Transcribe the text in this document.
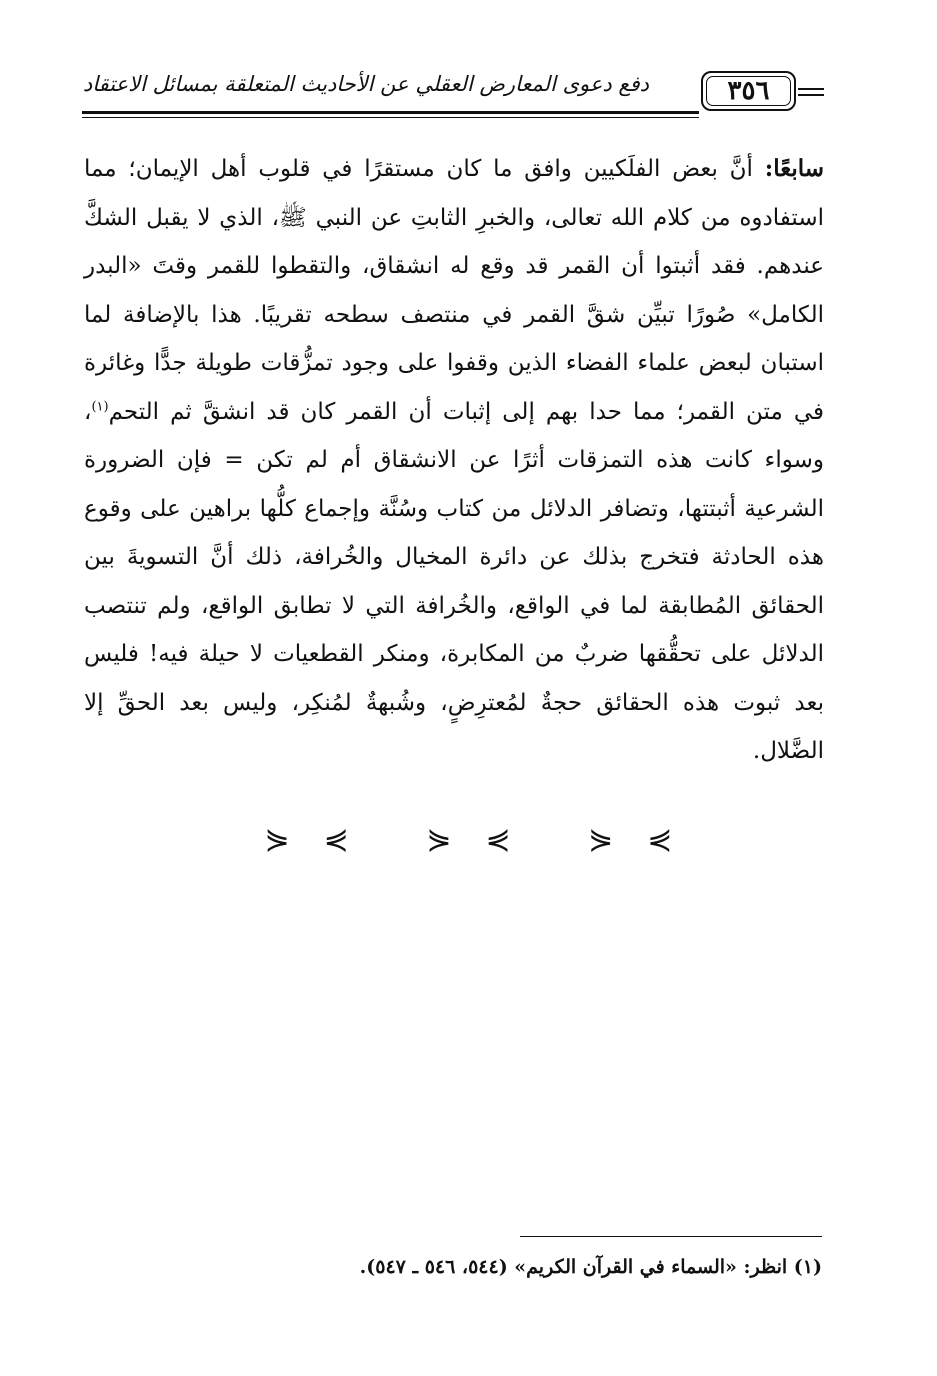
دفع دعوى المعارض العقلي عن الأحاديث المتعلقة بمسائل الاعتقاد	٣٥٦

سابعًا: أنَّ بعض الفلَكيين وافق ما كان مستقرًا في قلوب أهل الإيمان؛ مما استفادوه من كلام الله تعالى، والخبرِ الثابتِ عن النبي ﷺ، الذي لا يقبل الشكَّ عندهم. فقد أثبتوا أن القمر قد وقع له انشقاق، والتقطوا للقمر وقتَ «البدر الكامل» صُورًا تبيِّن شقَّ القمر في منتصف سطحه تقريبًا. هذا بالإضافة لما استبان لبعض علماء الفضاء الذين وقفوا على وجود تمزُّقات طويلة جدًّا وغائرة في متن القمر؛ مما حدا بهم إلى إثبات أن القمر كان قد انشقَّ ثم التحم$^{(١)}$، وسواء كانت هذه التمزقات أثرًا عن الانشقاق أم لم تكن = فإن الضرورة الشرعية أثبتتها، وتضافر الدلائل من كتاب وسُنَّة وإجماع كلُّها براهين على وقوع هذه الحادثة فتخرج بذلك عن دائرة المخيال والخُرافة، ذلك أنَّ التسويةَ بين الحقائق المُطابقة لما في الواقع، والخُرافة التي لا تطابق الواقع، ولم تنتصب الدلائل على تحقُّقها ضربٌ من المكابرة، ومنكر القطعيات لا حيلة فيه! فليس بعد ثبوت هذه الحقائق حجةٌ لمُعترِضٍ، وشُبهةٌ لمُنكِر، وليس بعد الحقِّ إلا الضَّلال.

⋟⋞ ⋟⋞ ⋟⋞
(١) انظر: «السماء في القرآن الكريم» (٥٤٤، ٥٤٦ ـ ٥٤٧).
